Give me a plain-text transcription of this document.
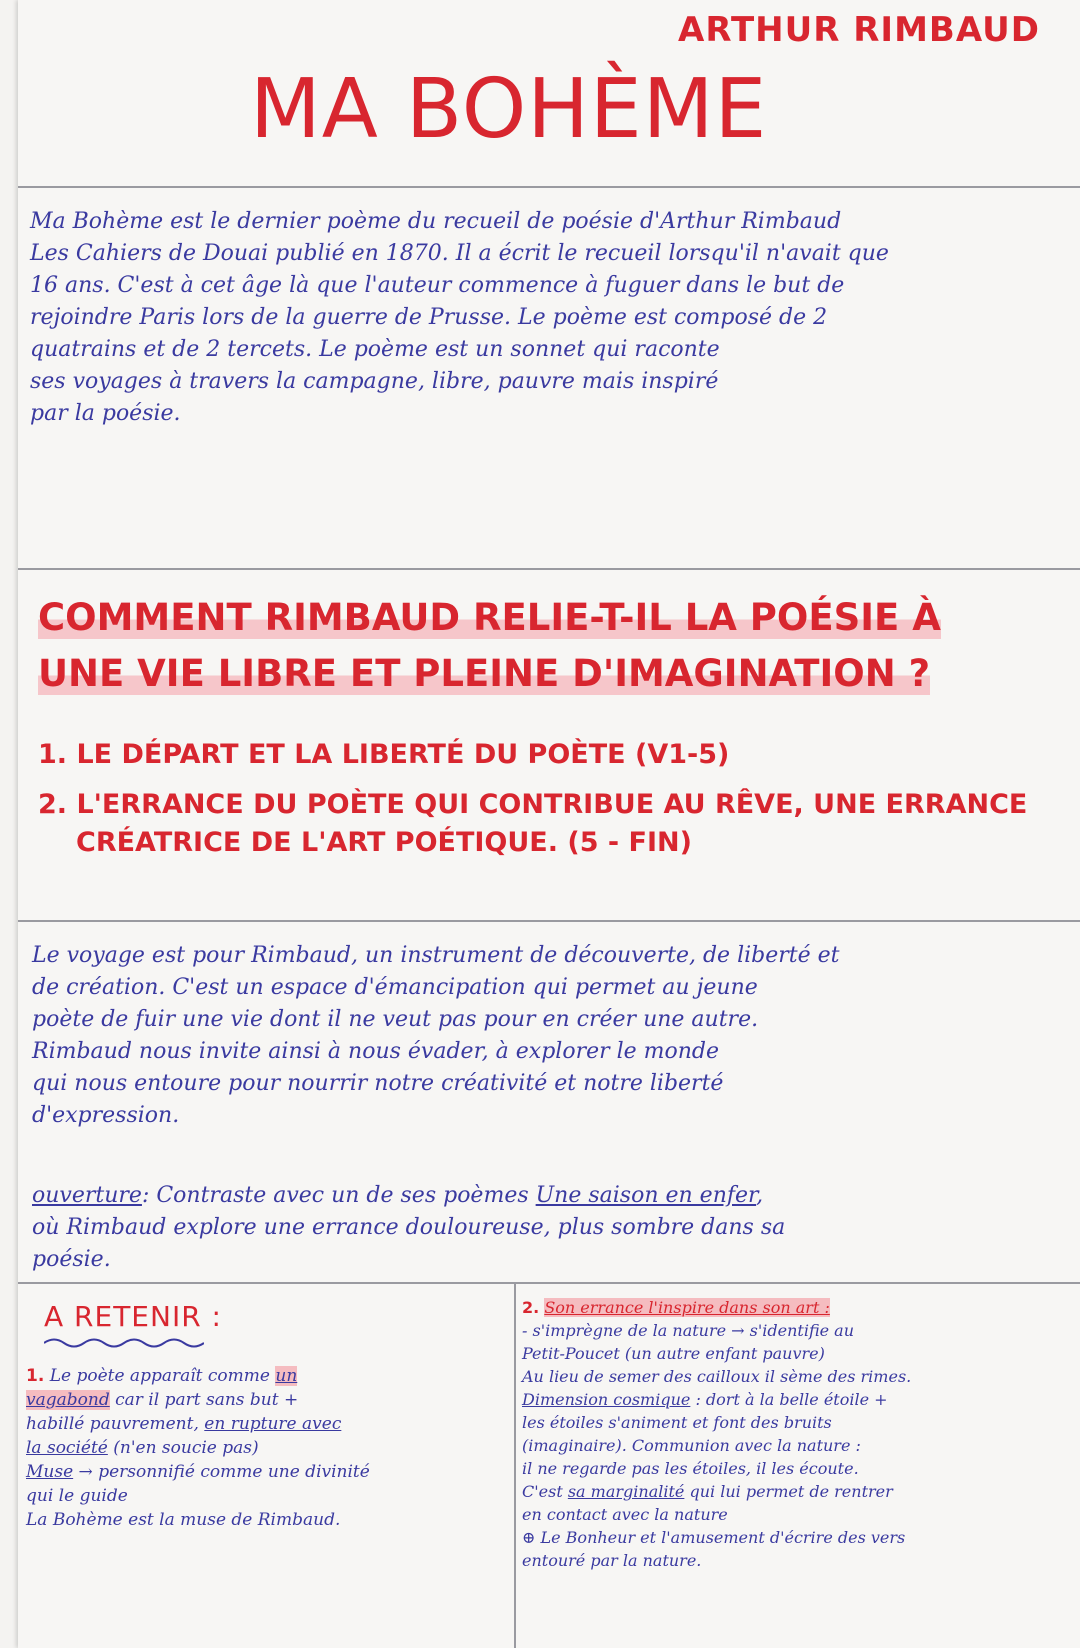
ARTHUR RIMBAUD
MA BOHÈME
Ma Bohème est le dernier poème du recueil de poésie d'Arthur Rimbaud
Les Cahiers de Douai publié en 1870. Il a écrit le recueil lorsqu'il n'avait que
16 ans. C'est à cet âge là que l'auteur commence à fuguer dans le but de
rejoindre Paris lors de la guerre de Prusse. Le poème est composé de 2
quatrains et de 2 tercets. Le poème est un sonnet qui raconte
ses voyages à travers la campagne, libre, pauvre mais inspiré
par la poésie.
COMMENT RIMBAUD RELIE-T-IL LA POÉSIE À
UNE VIE LIBRE ET PLEINE D'IMAGINATION ?
1. LE DÉPART ET LA LIBERTÉ DU POÈTE (V1-5)
2. L'ERRANCE DU POÈTE QUI CONTRIBUE AU RÊVE, UNE ERRANCE
CRÉATRICE DE L'ART POÉTIQUE. (5 - FIN)
Le voyage est pour Rimbaud, un instrument de découverte, de liberté et
de création. C'est un espace d'émancipation qui permet au jeune
poète de fuir une vie dont il ne veut pas pour en créer une autre.
Rimbaud nous invite ainsi à nous évader, à explorer le monde
qui nous entoure pour nourrir notre créativité et notre liberté
d'expression.
ouverture: Contraste avec un de ses poèmes Une saison en enfer,
où Rimbaud explore une errance douloureuse, plus sombre dans sa
poésie.
A RETENIR :
1. Le poète apparaît comme un
vagabond car il part sans but +
habillé pauvrement, en rupture avec
la société (n'en soucie pas)
Muse → personnifié comme une divinité
qui le guide
La Bohème est la muse de Rimbaud.
2. Son errance l'inspire dans son art :
- s'imprègne de la nature → s'identifie au
Petit-Poucet (un autre enfant pauvre)
Au lieu de semer des cailloux il sème des rimes.
Dimension cosmique : dort à la belle étoile +
les étoiles s'animent et font des bruits
(imaginaire). Communion avec la nature :
il ne regarde pas les étoiles, il les écoute.
C'est sa marginalité qui lui permet de rentrer
en contact avec la nature
⊕ Le Bonheur et l'amusement d'écrire des vers
entouré par la nature.
